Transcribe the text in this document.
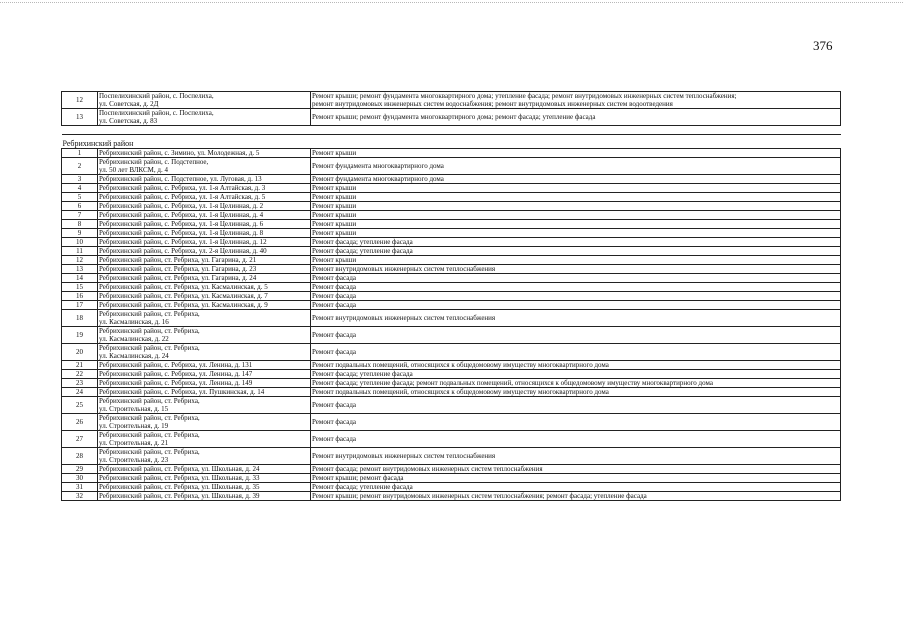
376
12	Поспелихинский район, с. Поспелиха,
ул. Советская, д. 2Д	Ремонт крыши; ремонт фундамента многоквартирного дома; утепление фасада; ремонт внутридомовых инженерных систем теплоснабжения;
ремонт внутридомовых инженерных систем водоснабжения; ремонт внутридомовых инженерных систем водоотведения

13	Поспелихинский район, с. Поспелиха,
ул. Советская, д. 83	Ремонт крыши; ремонт фундамента многоквартирного дома; ремонт фасада; утепление фасада

Ребрихинский район		
1	Ребрихинский район, с. Зимино, ул. Молодежная, д. 5	Ремонт крыши

2	Ребрихинский район, с. Подстепное,
ул. 50 лет ВЛКСМ, д. 4	Ремонт фундамента многоквартирного дома

3	Ребрихинский район, с. Подстепное, ул. Луговая, д. 13	Ремонт фундамента многоквартирного дома

4	Ребрихинский район, с. Ребриха, ул. 1-я Алтайская, д. 3	Ремонт крыши

5	Ребрихинский район, с. Ребриха, ул. 1-я Алтайская, д. 5	Ремонт крыши

6	Ребрихинский район, с. Ребриха, ул. 1-я Целинная, д. 2	Ремонт крыши

7	Ребрихинский район, с. Ребриха, ул. 1-я Целинная, д. 4	Ремонт крыши

8	Ребрихинский район, с. Ребриха, ул. 1-я Целинная, д. 6	Ремонт крыши

9	Ребрихинский район, с. Ребриха, ул. 1-я Целинная, д. 8	Ремонт крыши

10	Ребрихинский район, с. Ребриха, ул. 1-я Целинная, д. 12	Ремонт фасада; утепление фасада

11	Ребрихинский район, с. Ребриха, ул. 2-я Целинная, д. 40	Ремонт фасада; утепление фасада

12	Ребрихинский район, ст. Ребриха, ул. Гагарина, д. 21	Ремонт крыши

13	Ребрихинский район, ст. Ребриха, ул. Гагарина, д. 23	Ремонт внутридомовых инженерных систем теплоснабжения

14	Ребрихинский район, ст. Ребриха, ул. Гагарина, д. 24	Ремонт фасада

15	Ребрихинский район, ст. Ребриха, ул. Касмалинская, д. 5	Ремонт фасада

16	Ребрихинский район, ст. Ребриха, ул. Касмалинская, д. 7	Ремонт фасада

17	Ребрихинский район, ст. Ребриха, ул. Касмалинская, д. 9	Ремонт фасада

18	Ребрихинский район, ст. Ребриха,
ул. Касмалинская, д. 16	Ремонт внутридомовых инженерных систем теплоснабжения

19	Ребрихинский район, ст. Ребриха,
ул. Касмалинская, д. 22	Ремонт фасада

20	Ребрихинский район, ст. Ребриха,
ул. Касмалинская, д. 24	Ремонт фасада

21	Ребрихинский район, с. Ребриха, ул. Ленина, д. 131	Ремонт подвальных помещений, относящихся к общедомовому имуществу многоквартирного дома

22	Ребрихинский район, с. Ребриха, ул. Ленина, д. 147	Ремонт фасада; утепление фасада

23	Ребрихинский район, с. Ребриха, ул. Ленина, д. 149	Ремонт фасада; утепление фасада; ремонт подвальных помещений, относящихся к общедомовому имуществу многоквартирного дома

24	Ребрихинский район, с. Ребриха, ул. Пушкинская, д. 14	Ремонт подвальных помещений, относящихся к общедомовому имуществу многоквартирного дома

25	Ребрихинский район, ст. Ребриха,
ул. Строительная, д. 15	Ремонт фасада

26	Ребрихинский район, ст. Ребриха,
ул. Строительная, д. 19	Ремонт фасада

27	Ребрихинский район, ст. Ребриха,
ул. Строительная, д. 21	Ремонт фасада

28	Ребрихинский район, ст. Ребриха,
ул. Строительная, д. 23	Ремонт внутридомовых инженерных систем теплоснабжения

29	Ребрихинский район, ст. Ребриха, ул. Школьная, д. 24	Ремонт фасада; ремонт внутридомовых инженерных систем теплоснабжения

30	Ребрихинский район, ст. Ребриха, ул. Школьная, д. 33	Ремонт крыши; ремонт фасада

31	Ребрихинский район, ст. Ребриха, ул. Школьная, д. 35	Ремонт фасада; утепление фасада

32	Ребрихинский район, ст. Ребриха, ул. Школьная, д. 39	Ремонт крыши; ремонт внутридомовых инженерных систем теплоснабжения; ремонт фасада; утепление фасада
